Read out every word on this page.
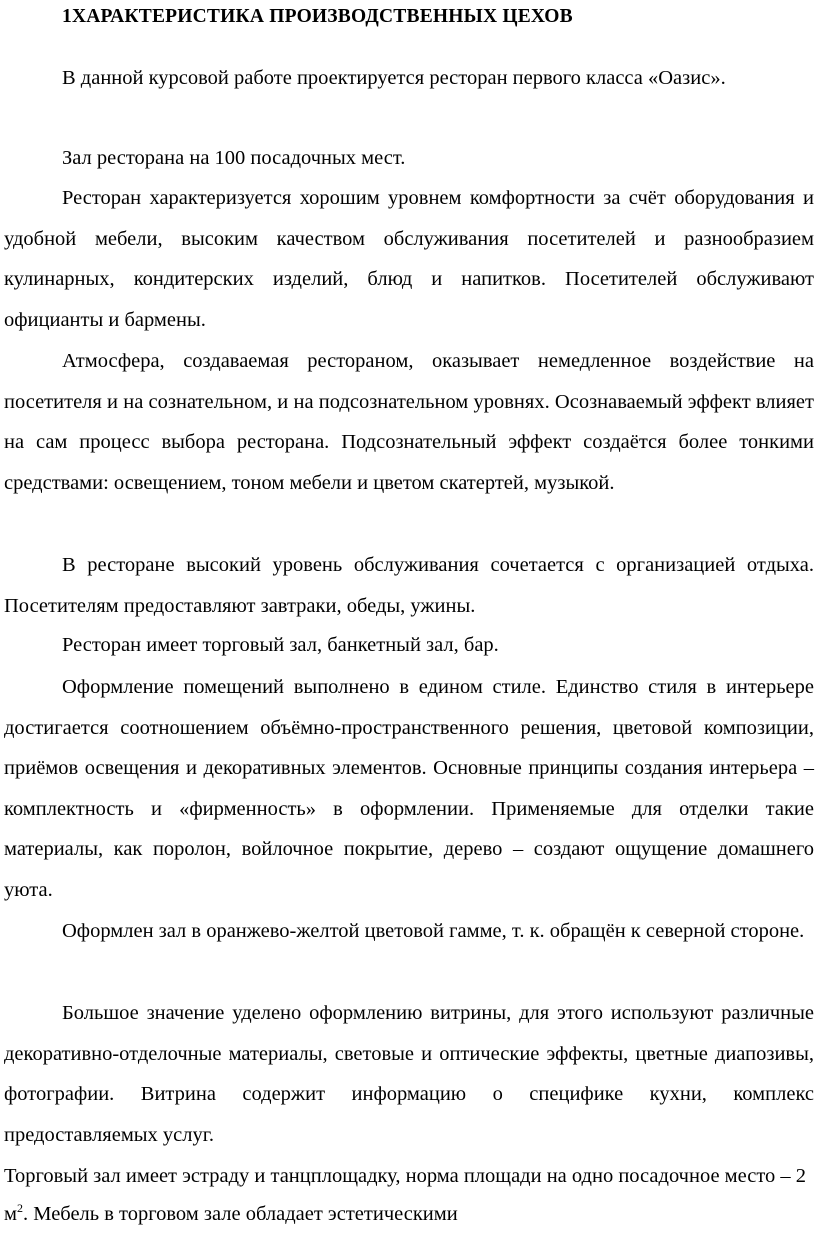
1ХАРАКТЕРИСТИКА ПРОИЗВОДСТВЕННЫХ ЦЕХОВ

В данной курсовой работе проектируется ресторан первого класса «Оазис».

Зал ресторана на 100 посадочных мест.

Ресторан характеризуется хорошим уровнем комфортности за счёт оборудования и удобной мебели, высоким качеством обслуживания посетителей и разнообразием кулинарных, кондитерских изделий, блюд и напитков. Посетителей обслуживают официанты и бармены.

Атмосфера, создаваемая рестораном, оказывает немедленное воздействие на посетителя и на сознательном, и на подсознательном уровнях. Осознаваемый эффект влияет на сам процесс выбора ресторана. Подсознательный эффект создаётся более тонкими средствами: освещением, тоном мебели и цветом скатертей, музыкой.

В ресторане высокий уровень обслуживания сочетается с организацией отдыха. Посетителям предоставляют завтраки, обеды, ужины.

Ресторан имеет торговый зал, банкетный зал, бар.

Оформление помещений выполнено в едином стиле. Единство стиля в интерьере достигается соотношением объёмно-пространственного решения, цветовой композиции, приёмов освещения и декоративных элементов. Основные принципы создания интерьера – комплектность и «фирменность» в оформлении. Применяемые для отделки такие материалы, как поролон, войлочное покрытие, дерево – создают ощущение домашнего уюта.

Оформлен зал в оранжево-желтой цветовой гамме, т. к. обращён к северной стороне.

Большое значение уделено оформлению витрины, для этого используют различные декоративно-отделочные материалы, световые и оптические эффекты, цветные диапозивы, фотографии. Витрина содержит информацию о специфике кухни, комплекс предоставляемых услуг.

Торговый зал имеет эстраду и танцплощадку, норма площади на одно посадочное место – 2 $м^2$. Мебель в торговом зале обладает эстетическими
